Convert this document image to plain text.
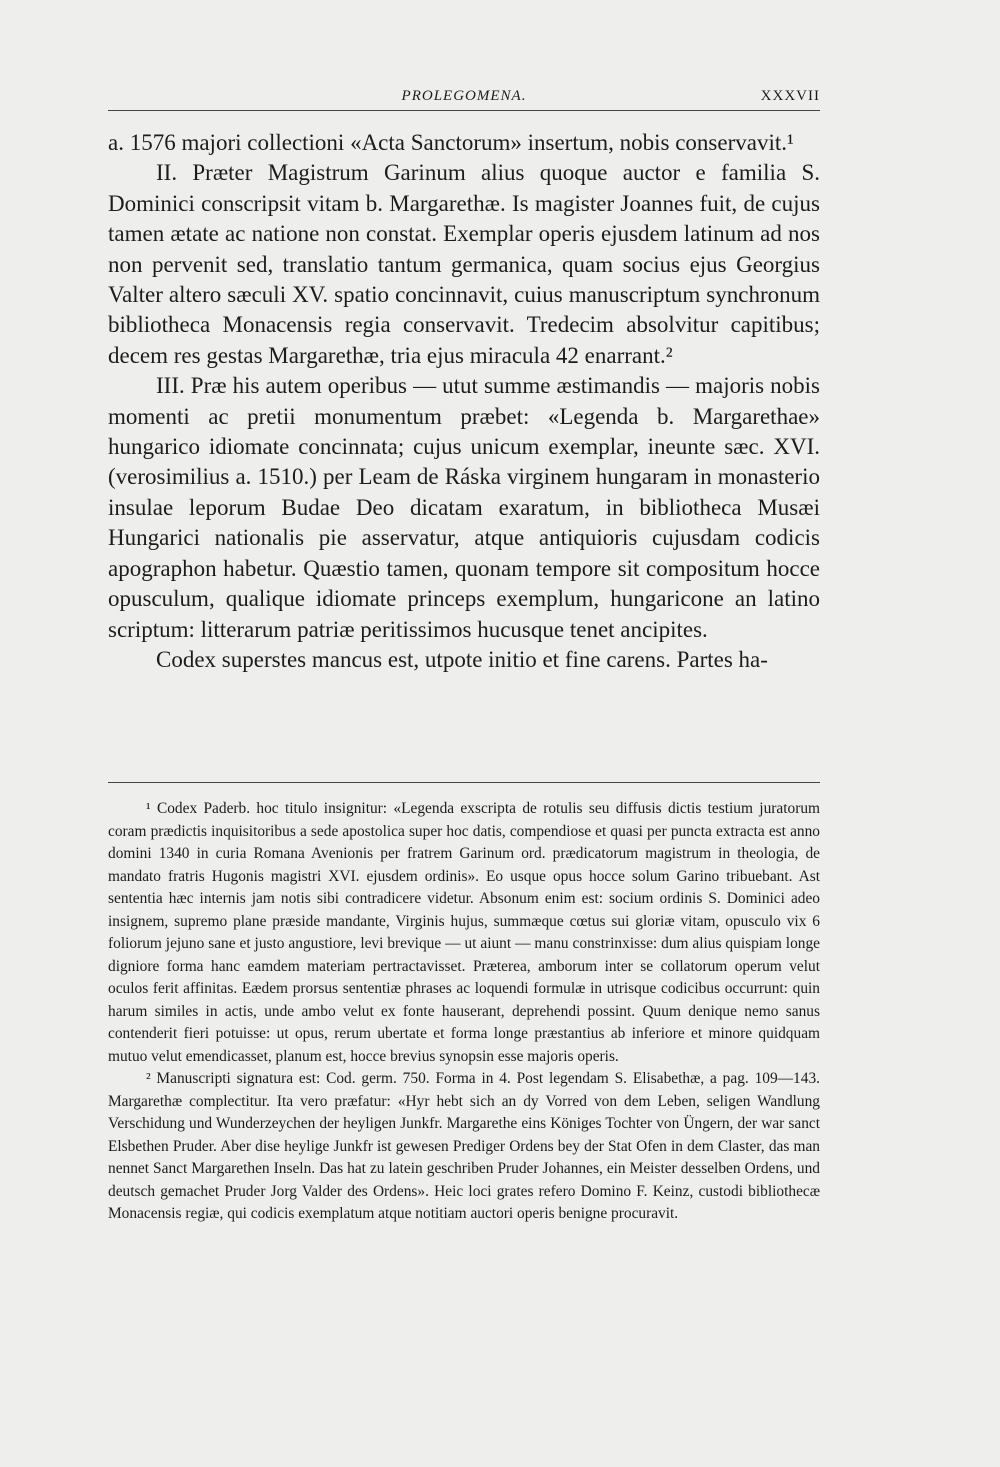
PROLEGOMENA.	XXXVII

a. 1576 majori collectioni «Acta Sanctorum» insertum, nobis conservavit.¹

II. Præter Magistrum Garinum alius quoque auctor e familia S. Dominici conscripsit vitam b. Margarethæ. Is magister Joannes fuit, de cujus tamen ætate ac natione non constat. Exemplar operis ejusdem latinum ad nos non pervenit sed, translatio tantum germanica, quam socius ejus Georgius Valter altero sæculi XV. spatio concinnavit, cuius manuscriptum synchronum bibliotheca Monacensis regia conservavit. Tredecim absolvitur capitibus; decem res gestas Margarethæ, tria ejus miracula 42 enarrant.²

III. Præ his autem operibus — utut summe æstimandis — majoris nobis momenti ac pretii monumentum præbet: «Legenda b. Margarethae» hungarico idiomate concinnata; cujus unicum exemplar, ineunte sæc. XVI. (verosimilius a. 1510.) per Leam de Ráska virginem hungaram in monasterio insulae leporum Budae Deo dicatam exaratum, in bibliotheca Musæi Hungarici nationalis pie asservatur, atque antiquioris cujusdam codicis apographon habetur. Quæstio tamen, quonam tempore sit compositum hocce opusculum, qualique idiomate princeps exemplum, hungaricone an latino scriptum: litterarum patriæ peritissimos hucusque tenet ancipites.

Codex superstes mancus est, utpote initio et fine carens. Partes ha-

¹ Codex Paderb. hoc titulo insignitur: «Legenda exscripta de rotulis seu diffusis dictis testium juratorum coram prædictis inquisitoribus a sede apostolica super hoc datis, compendiose et quasi per puncta extracta est anno domini 1340 in curia Romana Avenionis per fratrem Garinum ord. prædicatorum magistrum in theologia, de mandato fratris Hugonis magistri XVI. ejusdem ordinis». Eo usque opus hocce solum Garino tribuebant. Ast sententia hæc internis jam notis sibi contradicere videtur. Absonum enim est: socium ordinis S. Dominici adeo insignem, supremo plane præside mandante, Virginis hujus, summæque cœtus sui gloriæ vitam, opusculo vix 6 foliorum jejuno sane et justo angustiore, levi brevique — ut aiunt — manu constrinxisse: dum alius quispiam longe digniore forma hanc eamdem materiam pertractavisset. Præterea, amborum inter se collatorum operum velut oculos ferit affinitas. Eædem prorsus sententiæ phrases ac loquendi formulæ in utrisque codicibus occurrunt: quin harum similes in actis, unde ambo velut ex fonte hauserant, deprehendi possint. Quum denique nemo sanus contenderit fieri potuisse: ut opus, rerum ubertate et forma longe præstantius ab inferiore et minore quidquam mutuo velut emendicasset, planum est, hocce brevius synopsin esse majoris operis.

² Manuscripti signatura est: Cod. germ. 750. Forma in 4. Post legendam S. Elisabethæ, a pag. 109—143. Margarethæ complectitur. Ita vero præfatur: «Hyr hebt sich an dy Vorred von dem Leben, seligen Wandlung Verschidung und Wunderzeychen der heyligen Junkfr. Margarethe eins Königes Tochter von Üngern, der war sanct Elsbethen Pruder. Aber dise heylige Junkfr ist gewesen Prediger Ordens bey der Stat Ofen in dem Claster, das man nennet Sanct Margarethen Inseln. Das hat zu latein geschriben Pruder Johannes, ein Meister desselben Ordens, und deutsch gemachet Pruder Jorg Valder des Ordens». Heic loci grates refero Domino F. Keinz, custodi bibliothecæ Monacensis regiæ, qui codicis exemplatum atque notitiam auctori operis benigne procuravit.
